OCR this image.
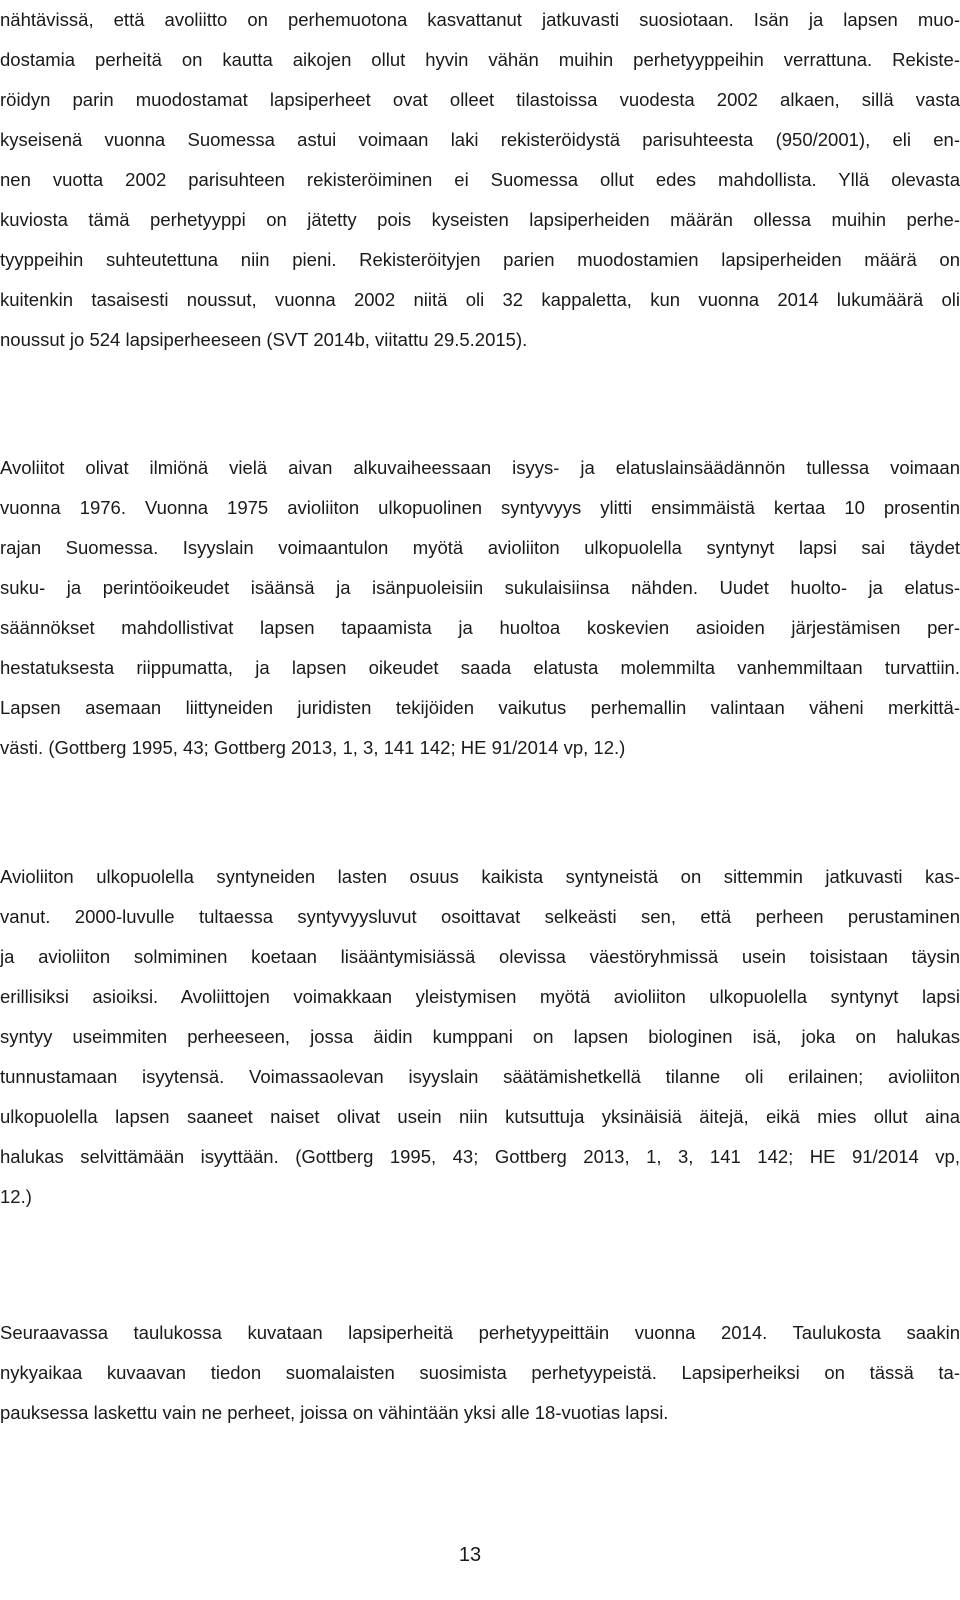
nähtävissä, että avoliitto on perhemuotona kasvattanut jatkuvasti suosiotaan. Isän ja lapsen muo-
dostamia perheitä on kautta aikojen ollut hyvin vähän muihin perhetyyppeihin verrattuna. Rekiste-
röidyn parin muodostamat lapsiperheet ovat olleet tilastoissa vuodesta 2002 alkaen, sillä vasta
kyseisenä vuonna Suomessa astui voimaan laki rekisteröidystä parisuhteesta (950/2001), eli en-
nen vuotta 2002 parisuhteen rekisteröiminen ei Suomessa ollut edes mahdollista. Yllä olevasta
kuviosta tämä perhetyyppi on jätetty pois kyseisten lapsiperheiden määrän ollessa muihin perhe-
tyyppeihin suhteutettuna niin pieni. Rekisteröityjen parien muodostamien lapsiperheiden määrä on
kuitenkin tasaisesti noussut, vuonna 2002 niitä oli 32 kappaletta, kun vuonna 2014 lukumäärä oli
noussut jo 524 lapsiperheeseen (SVT 2014b, viitattu 29.5.2015).
Avoliitot olivat ilmiönä vielä aivan alkuvaiheessaan isyys- ja elatuslainsäädännön tullessa voimaan
vuonna 1976. Vuonna 1975 avioliiton ulkopuolinen syntyvyys ylitti ensimmäistä kertaa 10 prosentin
rajan Suomessa. Isyyslain voimaantulon myötä avioliiton ulkopuolella syntynyt lapsi sai täydet
suku- ja perintöoikeudet isäänsä ja isänpuoleisiin sukulaisiinsa nähden. Uudet huolto- ja elatus-
säännökset mahdollistivat lapsen tapaamista ja huoltoa koskevien asioiden järjestämisen per-
hestatuksesta riippumatta, ja lapsen oikeudet saada elatusta molemmilta vanhemmiltaan turvattiin.
Lapsen asemaan liittyneiden juridisten tekijöiden vaikutus perhemallin valintaan väheni merkittä-
västi. (Gottberg 1995, 43; Gottberg 2013, 1, 3, 141 142; HE 91/2014 vp, 12.)
Avioliiton ulkopuolella syntyneiden lasten osuus kaikista syntyneistä on sittemmin jatkuvasti kas-
vanut. 2000-luvulle tultaessa syntyvyysluvut osoittavat selkeästi sen, että perheen perustaminen
ja avioliiton solmiminen koetaan lisääntymisiässä olevissa väestöryhmissä usein toisistaan täysin
erillisiksi asioiksi. Avoliittojen voimakkaan yleistymisen myötä avioliiton ulkopuolella syntynyt lapsi
syntyy useimmiten perheeseen, jossa äidin kumppani on lapsen biologinen isä, joka on halukas
tunnustamaan isyytensä. Voimassaolevan isyyslain säätämishetkellä tilanne oli erilainen; avioliiton
ulkopuolella lapsen saaneet naiset olivat usein niin kutsuttuja yksinäisiä äitejä, eikä mies ollut aina
halukas selvittämään isyyttään. (Gottberg 1995, 43; Gottberg 2013, 1, 3, 141 142; HE 91/2014 vp,
12.)
Seuraavassa taulukossa kuvataan lapsiperheitä perhetyypeittäin vuonna 2014. Taulukosta saakin
nykyaikaa kuvaavan tiedon suomalaisten suosimista perhetyypeistä. Lapsiperheiksi on tässä ta-
pauksessa laskettu vain ne perheet, joissa on vähintään yksi alle 18-vuotias lapsi.
13
